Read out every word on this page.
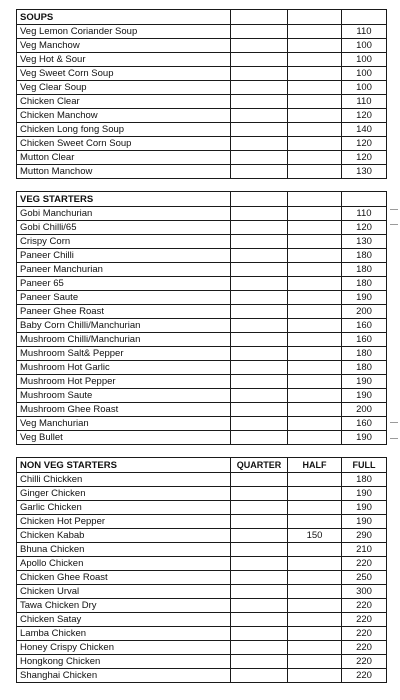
SOUPS			
Veg Lemon Coriander Soup			110
Veg Manchow			100
Veg Hot & Sour			100
Veg Sweet Corn Soup			100
Veg Clear Soup			100
Chicken Clear			110
Chicken Manchow			120
Chicken Long fong Soup			140
Chicken Sweet Corn Soup			120
Mutton Clear			120
Mutton Manchow			130

VEG STARTERS			
Gobi Manchurian			110
Gobi Chilli/65			120
Crispy Corn			130
Paneer Chilli			180
Paneer Manchurian			180
Paneer 65			180
Paneer Saute			190
Paneer Ghee Roast			200
Baby Corn Chilli/Manchurian			160
Mushroom Chilli/Manchurian			160
Mushroom Salt& Pepper			180
Mushroom Hot Garlic			180
Mushroom Hot Pepper			190
Mushroom Saute			190
Mushroom Ghee Roast			200
Veg Manchurian			160
Veg Bullet			190

NON VEG STARTERS	QUARTER	HALF	FULL
Chilli Chickken			180
Ginger Chicken			190
Garlic Chicken			190
Chicken Hot Pepper			190
Chicken Kabab		150	290
Bhuna Chicken			210
Apollo Chicken			220
Chicken Ghee Roast			250
Chicken Urval			300
Tawa Chicken Dry			220
Chicken Satay			220
Lamba Chicken			220
Honey Crispy Chicken			220
Hongkong Chicken			220
Shanghai Chicken			220
